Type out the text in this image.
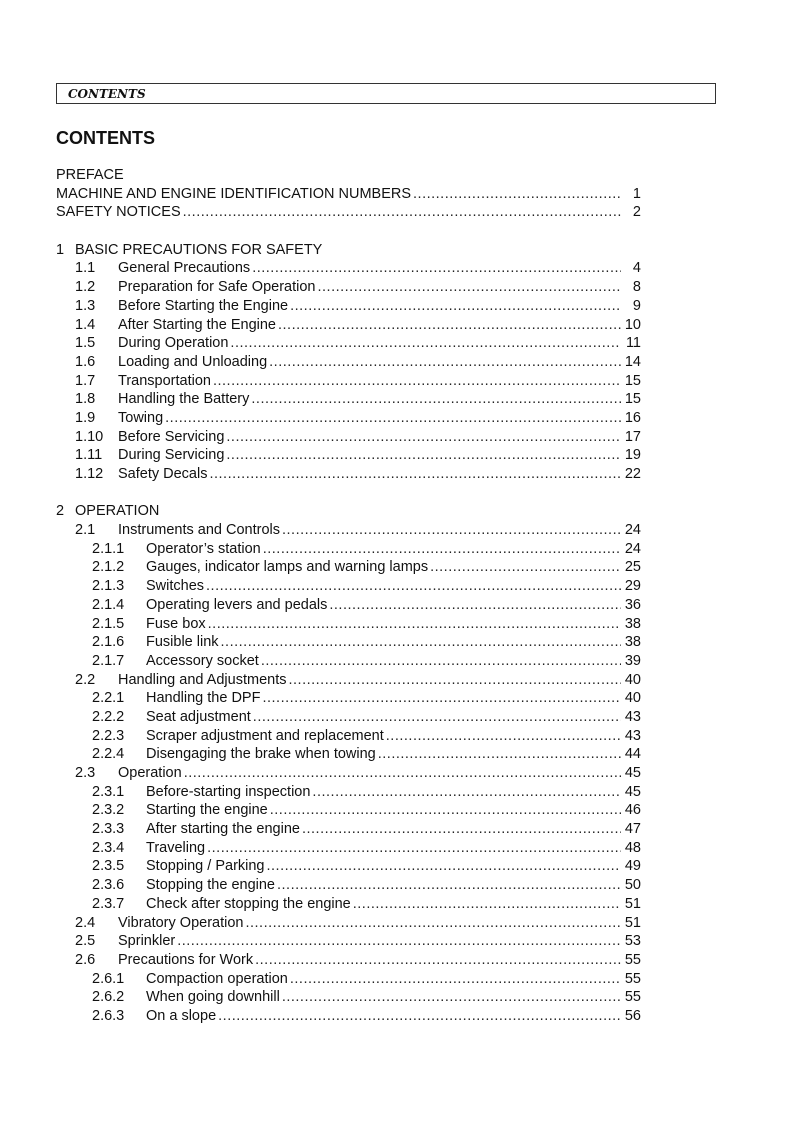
CONTENTS
CONTENTS
PREFACE
MACHINE AND ENGINE IDENTIFICATION NUMBERS .....	1
SAFETY NOTICES .....	2
1 BASIC PRECAUTIONS FOR SAFETY
1.1	General Precautions .....	4
1.2	Preparation for Safe Operation .....	8
1.3	Before Starting the Engine .....	9
1.4	After Starting the Engine .....	10
1.5	During Operation .....	11
1.6	Loading and Unloading .....	14
1.7	Transportation .....	15
1.8	Handling the Battery .....	15
1.9	Towing .....	16
1.10	Before Servicing .....	17
1.11	During Servicing .....	19
1.12	Safety Decals .....	22
2 OPERATION
2.1	Instruments and Controls .....	24
2.1.1	Operator’s station .....	24
2.1.2	Gauges, indicator lamps and warning lamps .....	25
2.1.3	Switches .....	29
2.1.4	Operating levers and pedals .....	36
2.1.5	Fuse box .....	38
2.1.6	Fusible link .....	38
2.1.7	Accessory socket .....	39
2.2	Handling and Adjustments .....	40
2.2.1	Handling the DPF .....	40
2.2.2	Seat adjustment .....	43
2.2.3	Scraper adjustment and replacement .....	43
2.2.4	Disengaging the brake when towing .....	44
2.3	Operation .....	45
2.3.1	Before-starting inspection .....	45
2.3.2	Starting the engine .....	46
2.3.3	After starting the engine .....	47
2.3.4	Traveling .....	48
2.3.5	Stopping / Parking .....	49
2.3.6	Stopping the engine .....	50
2.3.7	Check after stopping the engine .....	51
2.4	Vibratory Operation .....	51
2.5	Sprinkler .....	53
2.6	Precautions for Work .....	55
2.6.1	Compaction operation .....	55
2.6.2	When going downhill .....	55
2.6.3	On a slope .....	56
